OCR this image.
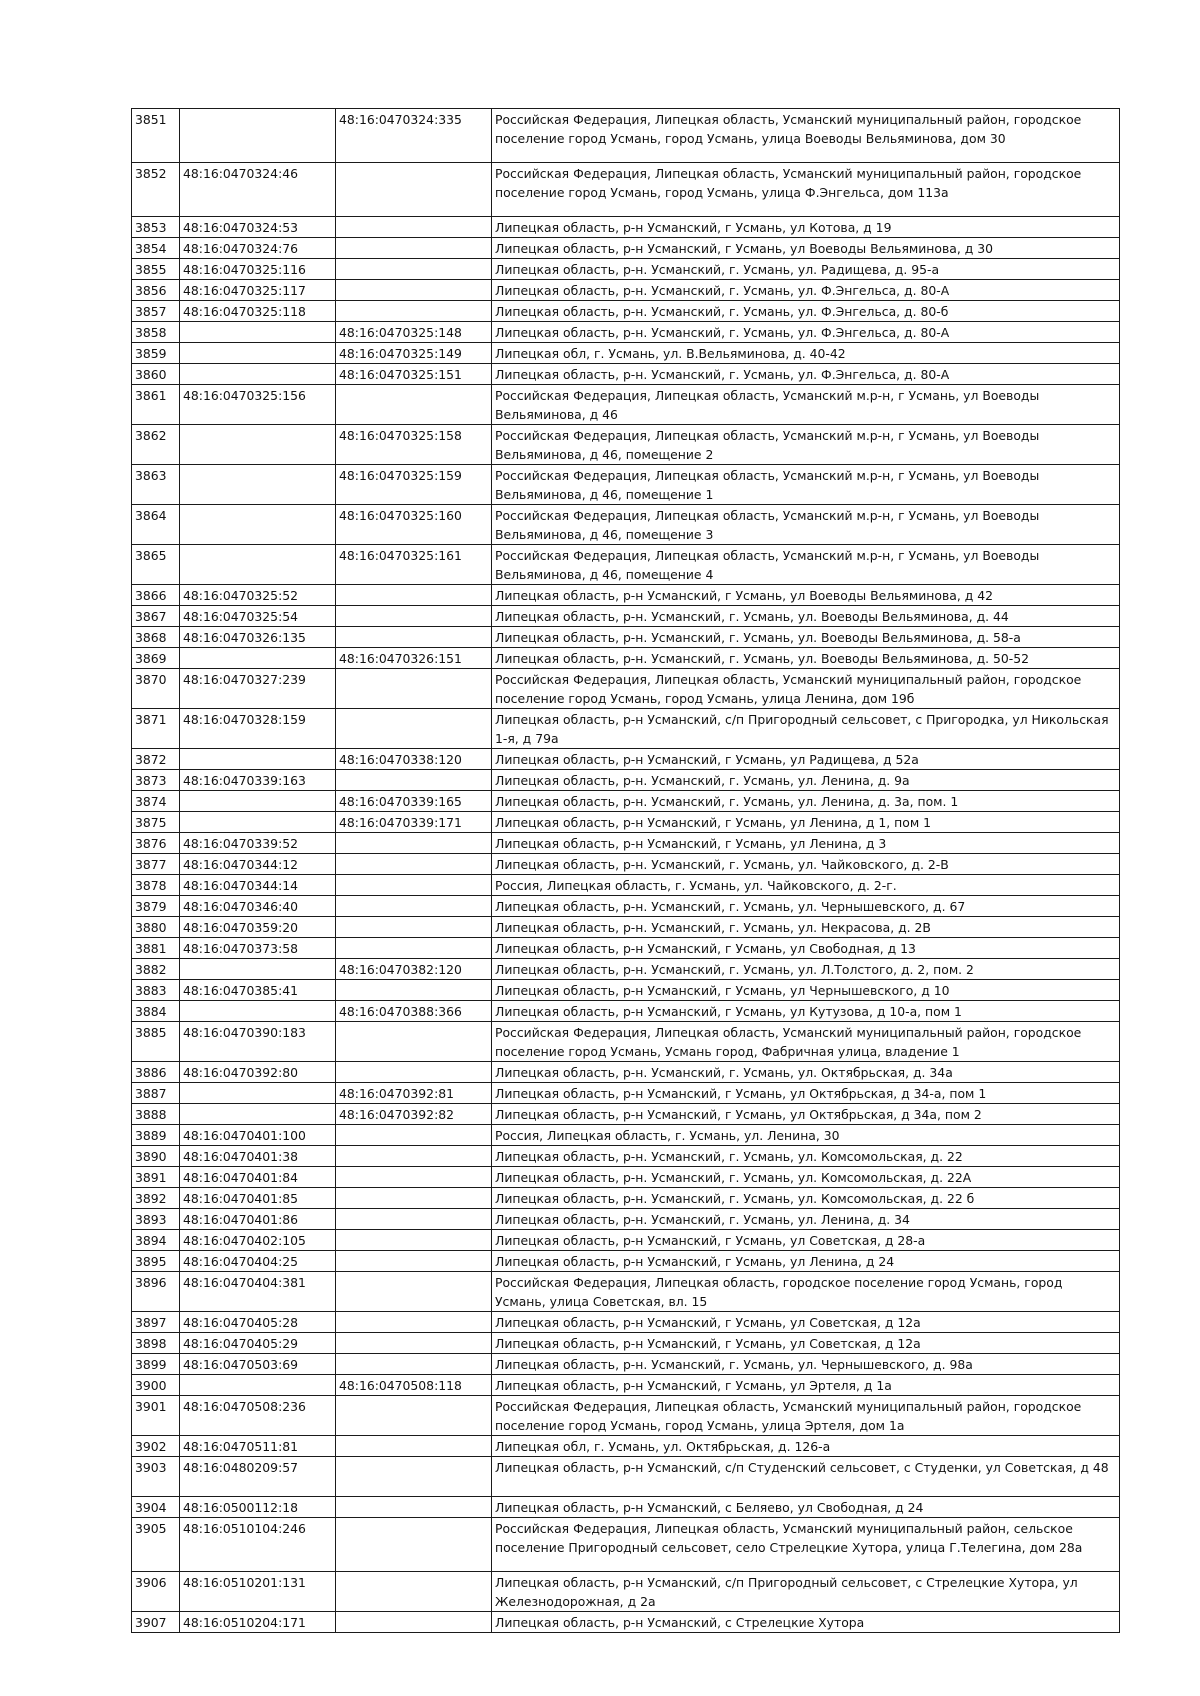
3851		48:16:0470324:335	Российская Федерация, Липецкая область, Усманский муниципальный район, городское поселение город Усмань, город Усмань, улица Воеводы Вельяминова, дом 30
3852	48:16:0470324:46		Российская Федерация, Липецкая область, Усманский муниципальный район, городское поселение город Усмань, город Усмань, улица Ф.Энгельса, дом 113а
3853	48:16:0470324:53		Липецкая область, р-н Усманский, г Усмань, ул Котова, д 19
3854	48:16:0470324:76		Липецкая область, р-н Усманский, г Усмань, ул Воеводы Вельяминова, д 30
3855	48:16:0470325:116		Липецкая область, р-н. Усманский, г. Усмань, ул. Радищева, д. 95-а
3856	48:16:0470325:117		Липецкая область, р-н. Усманский, г. Усмань, ул. Ф.Энгельса, д. 80-А
3857	48:16:0470325:118		Липецкая область, р-н. Усманский, г. Усмань, ул. Ф.Энгельса, д. 80-б
3858		48:16:0470325:148	Липецкая область, р-н. Усманский, г. Усмань, ул. Ф.Энгельса, д. 80-А
3859		48:16:0470325:149	Липецкая обл, г. Усмань, ул. В.Вельяминова, д. 40-42
3860		48:16:0470325:151	Липецкая область, р-н. Усманский, г. Усмань, ул. Ф.Энгельса, д. 80-А
3861	48:16:0470325:156		Российская Федерация, Липецкая область, Усманский м.р-н, г Усмань, ул Воеводы Вельяминова, д 46
3862		48:16:0470325:158	Российская Федерация, Липецкая область, Усманский м.р-н, г Усмань, ул Воеводы Вельяминова, д 46, помещение 2
3863		48:16:0470325:159	Российская Федерация, Липецкая область, Усманский м.р-н, г Усмань, ул Воеводы Вельяминова, д 46, помещение 1
3864		48:16:0470325:160	Российская Федерация, Липецкая область, Усманский м.р-н, г Усмань, ул Воеводы Вельяминова, д 46, помещение 3
3865		48:16:0470325:161	Российская Федерация, Липецкая область, Усманский м.р-н, г Усмань, ул Воеводы Вельяминова, д 46, помещение 4
3866	48:16:0470325:52		Липецкая область, р-н Усманский, г Усмань, ул Воеводы Вельяминова, д 42
3867	48:16:0470325:54		Липецкая область, р-н. Усманский, г. Усмань, ул. Воеводы Вельяминова, д. 44
3868	48:16:0470326:135		Липецкая область, р-н. Усманский, г. Усмань, ул. Воеводы Вельяминова, д. 58-а
3869		48:16:0470326:151	Липецкая область, р-н. Усманский, г. Усмань, ул. Воеводы Вельяминова, д. 50-52
3870	48:16:0470327:239		Российская Федерация, Липецкая область, Усманский муниципальный район, городское поселение город Усмань, город Усмань, улица Ленина, дом 19б
3871	48:16:0470328:159		Липецкая область, р-н Усманский, с/п Пригородный сельсовет, с Пригородка, ул Никольская 1-я, д 79а
3872		48:16:0470338:120	Липецкая область, р-н Усманский, г Усмань, ул Радищева, д 52а
3873	48:16:0470339:163		Липецкая область, р-н. Усманский, г. Усмань, ул. Ленина, д. 9а
3874		48:16:0470339:165	Липецкая область, р-н. Усманский, г. Усмань, ул. Ленина, д. 3а, пом. 1
3875		48:16:0470339:171	Липецкая область, р-н Усманский, г Усмань, ул Ленина, д 1, пом 1
3876	48:16:0470339:52		Липецкая область, р-н Усманский, г Усмань, ул Ленина, д 3
3877	48:16:0470344:12		Липецкая область, р-н. Усманский, г. Усмань, ул. Чайковского, д. 2-В
3878	48:16:0470344:14		Россия, Липецкая область, г. Усмань, ул. Чайковского, д. 2-г.
3879	48:16:0470346:40		Липецкая область, р-н. Усманский, г. Усмань, ул. Чернышевского, д. 67
3880	48:16:0470359:20		Липецкая область, р-н. Усманский, г. Усмань, ул. Некрасова, д. 2В
3881	48:16:0470373:58		Липецкая область, р-н Усманский, г Усмань, ул Свободная, д 13
3882		48:16:0470382:120	Липецкая область, р-н. Усманский, г. Усмань, ул. Л.Толстого, д. 2, пом. 2
3883	48:16:0470385:41		Липецкая область, р-н Усманский, г Усмань, ул Чернышевского, д 10
3884		48:16:0470388:366	Липецкая область, р-н Усманский, г Усмань, ул Кутузова, д 10-а, пом 1
3885	48:16:0470390:183		Российская Федерация, Липецкая область, Усманский муниципальный район, городское поселение город Усмань, Усмань город, Фабричная улица, владение 1
3886	48:16:0470392:80		Липецкая область, р-н. Усманский, г. Усмань, ул. Октябрьская, д. 34а
3887		48:16:0470392:81	Липецкая область, р-н Усманский, г Усмань, ул Октябрьская, д 34-а, пом 1
3888		48:16:0470392:82	Липецкая область, р-н Усманский, г Усмань, ул Октябрьская, д 34а, пом 2
3889	48:16:0470401:100		Россия, Липецкая область, г. Усмань, ул. Ленина, 30
3890	48:16:0470401:38		Липецкая область, р-н. Усманский, г. Усмань, ул. Комсомольская, д. 22
3891	48:16:0470401:84		Липецкая область, р-н. Усманский, г. Усмань, ул. Комсомольская, д. 22А
3892	48:16:0470401:85		Липецкая область, р-н. Усманский, г. Усмань, ул. Комсомольская, д. 22 б
3893	48:16:0470401:86		Липецкая область, р-н. Усманский, г. Усмань, ул. Ленина, д. 34
3894	48:16:0470402:105		Липецкая область, р-н Усманский, г Усмань, ул Советская, д 28-а
3895	48:16:0470404:25		Липецкая область, р-н Усманский, г Усмань, ул Ленина, д 24
3896	48:16:0470404:381		Российская Федерация, Липецкая область, городское поселение город Усмань, город Усмань, улица Советская, вл. 15
3897	48:16:0470405:28		Липецкая область, р-н Усманский, г Усмань, ул Советская, д 12а
3898	48:16:0470405:29		Липецкая область, р-н Усманский, г Усмань, ул Советская, д 12а
3899	48:16:0470503:69		Липецкая область, р-н. Усманский, г. Усмань, ул. Чернышевского, д. 98а
3900		48:16:0470508:118	Липецкая область, р-н Усманский, г Усмань, ул Эртеля, д 1а
3901	48:16:0470508:236		Российская Федерация, Липецкая область, Усманский муниципальный район, городское поселение город Усмань, город Усмань, улица Эртеля, дом 1а
3902	48:16:0470511:81		Липецкая обл, г. Усмань, ул. Октябрьская, д. 126-а
3903	48:16:0480209:57		Липецкая область, р-н Усманский, с/п Студенский сельсовет, с Студенки, ул Советская, д 48
3904	48:16:0500112:18		Липецкая область, р-н Усманский, с Беляево, ул Свободная, д 24
3905	48:16:0510104:246		Российская Федерация, Липецкая область, Усманский муниципальный район, сельское поселение Пригородный сельсовет, село Стрелецкие Хутора, улица Г.Телегина, дом 28а
3906	48:16:0510201:131		Липецкая область, р-н Усманский, с/п Пригородный сельсовет, с Стрелецкие Хутора, ул Железнодорожная, д 2а
3907	48:16:0510204:171		Липецкая область, р-н Усманский, с Стрелецкие Хутора
